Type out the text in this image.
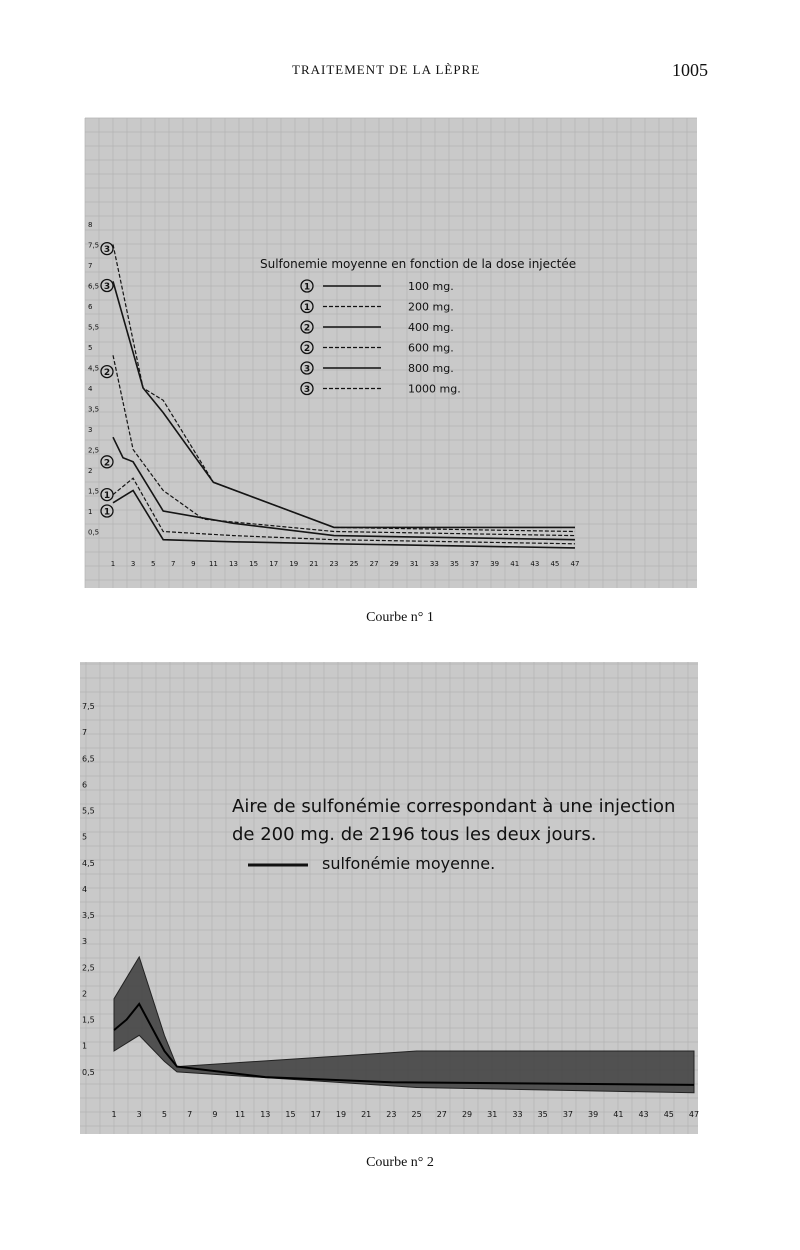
TRAITEMENT DE LA LÈPRE	1005
Sulfonemie moyenne en fonction de la dose injectée
1 3 5 7 9 11 13 15 17 19 21 23 25 27 29 31 33 35 37 39 41 43 45 47
0,5
1
1,5
2
2,5
3
3,5
4
4,5
5
5,5
6
6,5
7
7,5
8
3
3
2
2
1
1
1	100 mg.
1	200 mg.
2	400 mg.
2	600 mg.
3	800 mg.
3	1000 mg.
Courbe n° 1
Aire de sulfonémie correspondant à une injection
de 200 mg. de 2196 tous les deux jours.
sulfonémie moyenne.
1	3	5	7	9 11 13 15 17 19 21 23 25 27 29 31 33 35 37 39 41 43 45 47
0,5
1
1,5
2
2,5
3
3,5
4
4,5
5
5,5
6
6,5
7
7,5
Courbe n° 2
